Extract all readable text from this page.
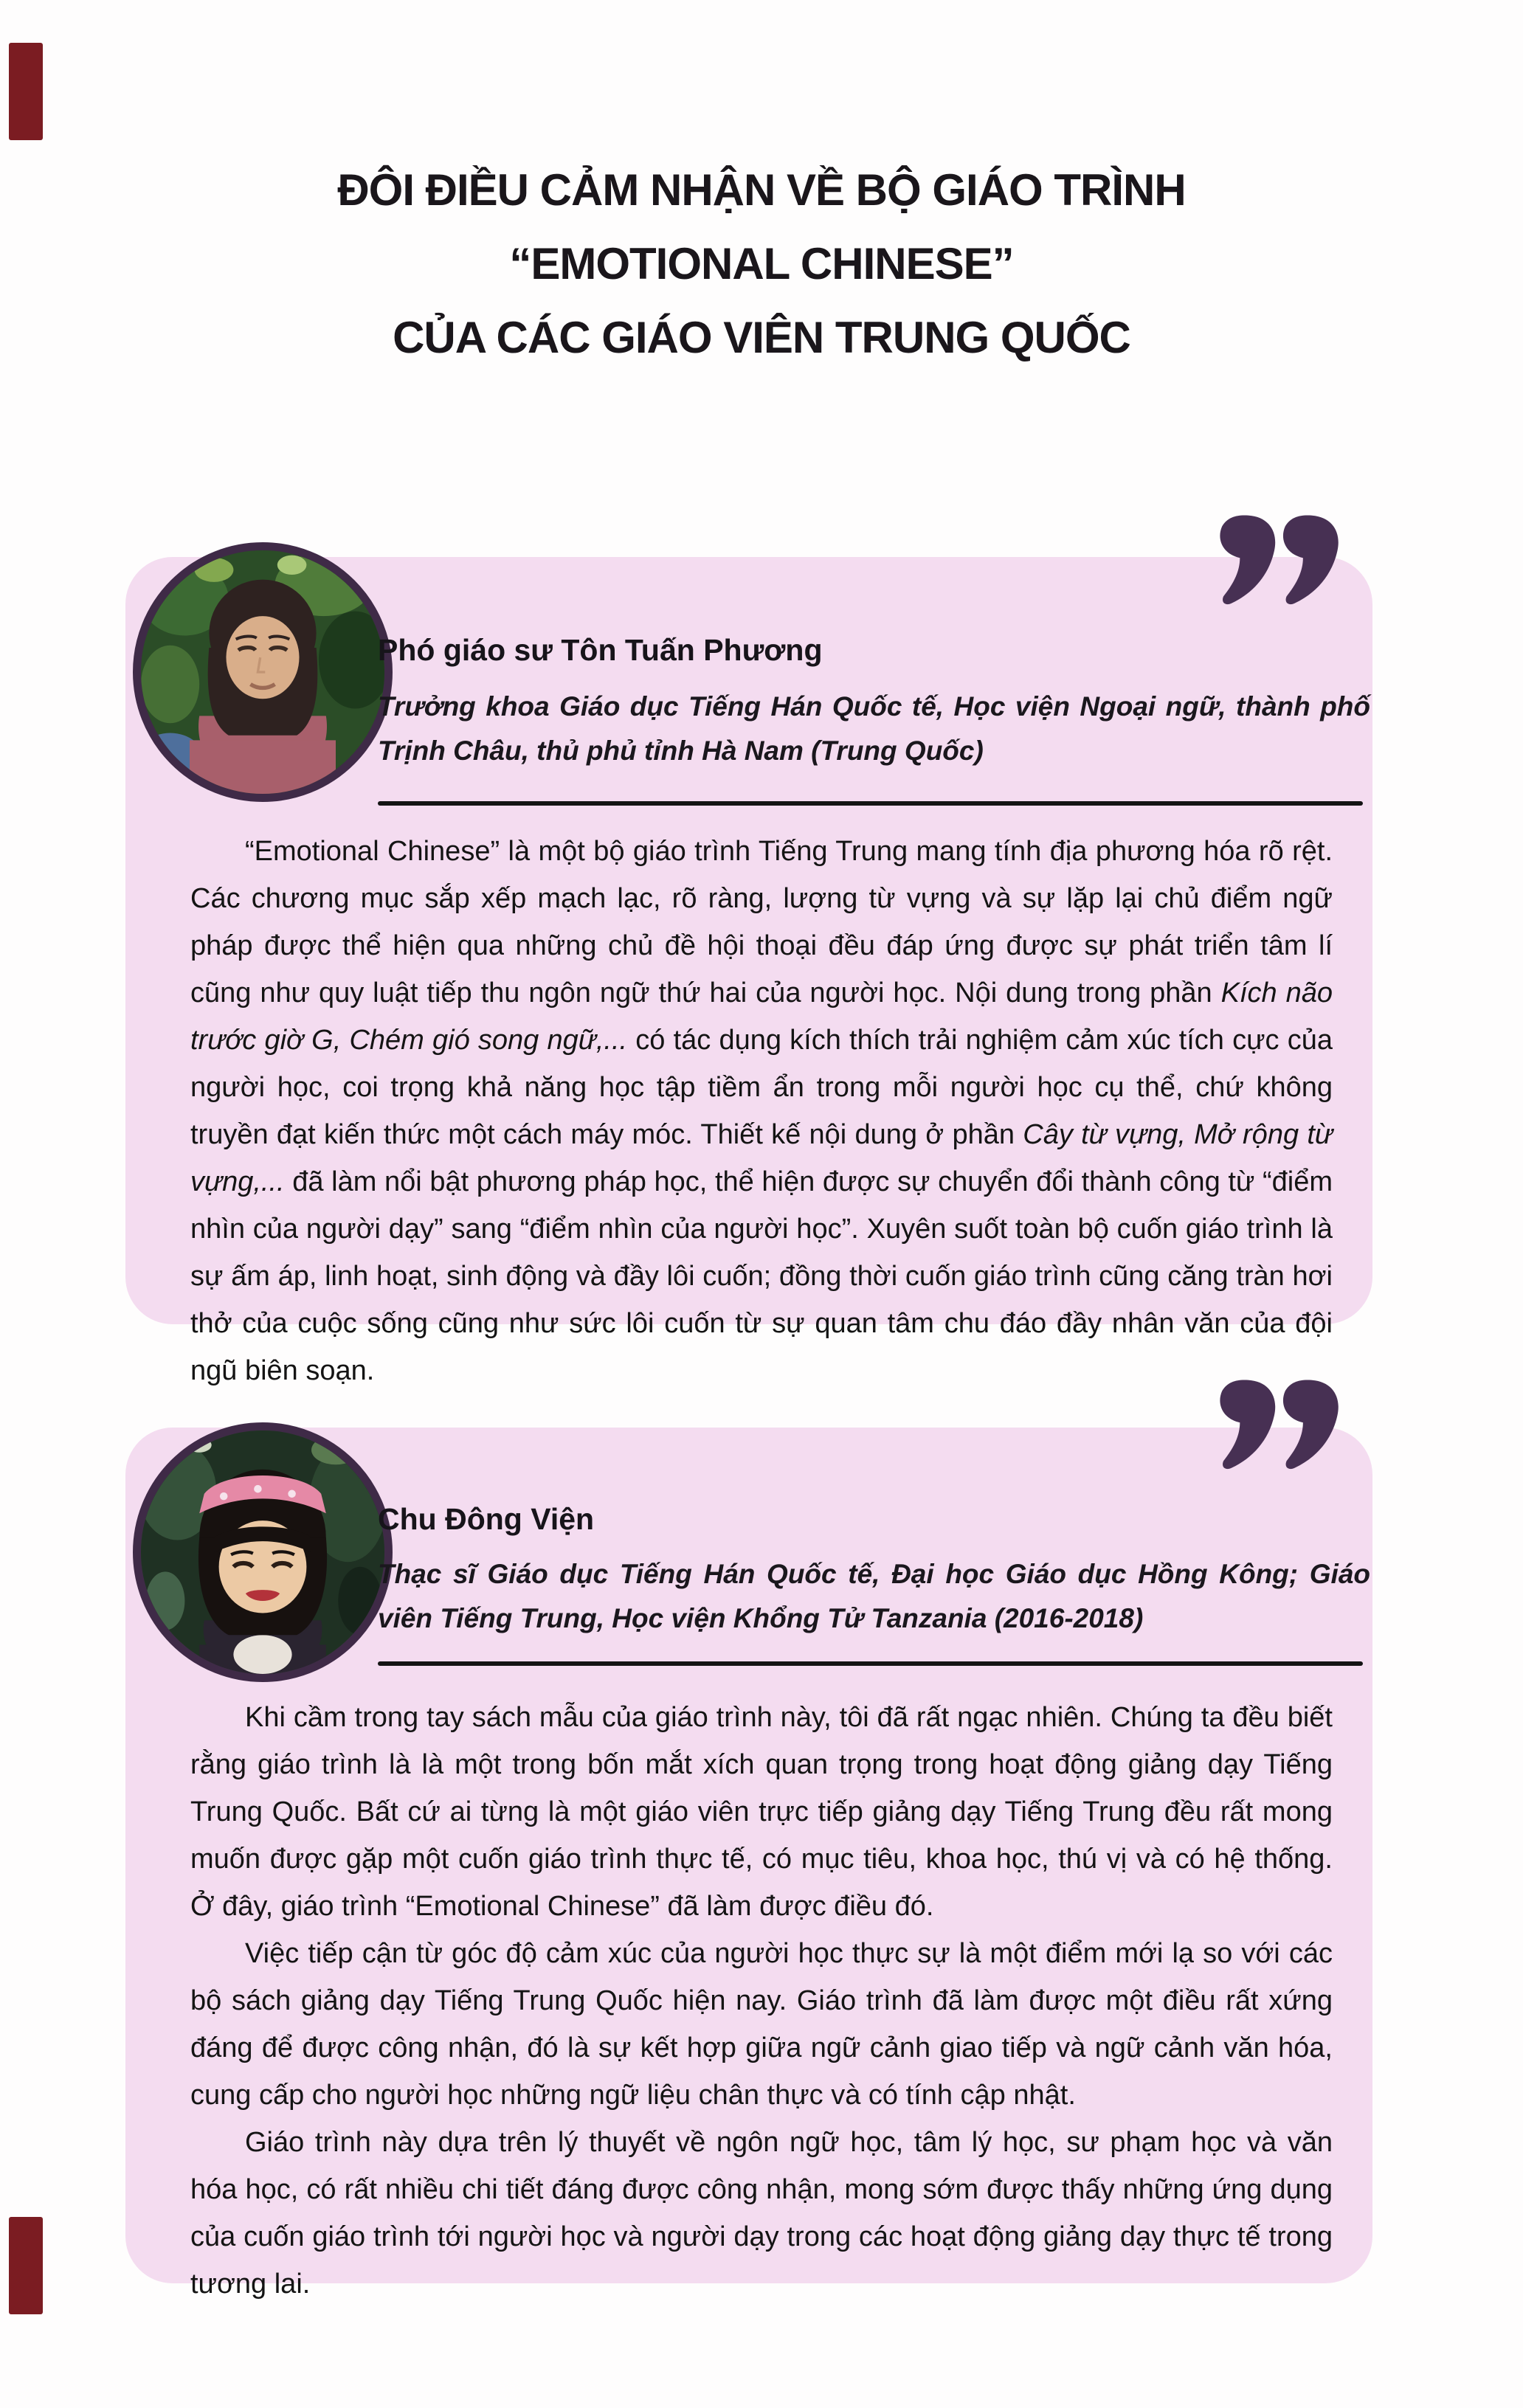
ĐÔI ĐIỀU CẢM NHẬN VỀ BỘ GIÁO TRÌNH
“EMOTIONAL CHINESE”
CỦA CÁC GIÁO VIÊN TRUNG QUỐC
Phó giáo sư Tôn Tuấn Phương
Trưởng khoa Giáo dục Tiếng Hán Quốc tế, Học viện Ngoại ngữ, thành phố Trịnh Châu, thủ phủ tỉnh Hà Nam (Trung Quốc)

“Emotional Chinese” là một bộ giáo trình Tiếng Trung mang tính địa phương hóa rõ rệt. Các chương mục sắp xếp mạch lạc, rõ ràng, lượng từ vựng và sự lặp lại chủ điểm ngữ pháp được thể hiện qua những chủ đề hội thoại đều đáp ứng được sự phát triển tâm lí cũng như quy luật tiếp thu ngôn ngữ thứ hai của người học. Nội dung trong phần Kích não trước giờ G, Chém gió song ngữ,... có tác dụng kích thích trải nghiệm cảm xúc tích cực của người học, coi trọng khả năng học tập tiềm ẩn trong mỗi người học cụ thể, chứ không truyền đạt kiến thức một cách máy móc. Thiết kế nội dung ở phần Cây từ vựng, Mở rộng từ vựng,... đã làm nổi bật phương pháp học, thể hiện được sự chuyển đổi thành công từ “điểm nhìn của người dạy” sang “điểm nhìn của người học”. Xuyên suốt toàn bộ cuốn giáo trình là sự ấm áp, linh hoạt, sinh động và đầy lôi cuốn; đồng thời cuốn giáo trình cũng căng tràn hơi thở của cuộc sống cũng như sức lôi cuốn từ sự quan tâm chu đáo đầy nhân văn của đội ngũ biên soạn.

Chu Đông Viện
Thạc sĩ Giáo dục Tiếng Hán Quốc tế, Đại học Giáo dục Hồng Kông; Giáo viên Tiếng Trung, Học viện Khổng Tử Tanzania (2016-2018)

Khi cầm trong tay sách mẫu của giáo trình này, tôi đã rất ngạc nhiên. Chúng ta đều biết rằng giáo trình là là một trong bốn mắt xích quan trọng trong hoạt động giảng dạy Tiếng Trung Quốc. Bất cứ ai từng là một giáo viên trực tiếp giảng dạy Tiếng Trung đều rất mong muốn được gặp một cuốn giáo trình thực tế, có mục tiêu, khoa học, thú vị và có hệ thống. Ở đây, giáo trình “Emotional Chinese” đã làm được điều đó.

Việc tiếp cận từ góc độ cảm xúc của người học thực sự là một điểm mới lạ so với các bộ sách giảng dạy Tiếng Trung Quốc hiện nay. Giáo trình đã làm được một điều rất xứng đáng để được công nhận, đó là sự kết hợp giữa ngữ cảnh giao tiếp và ngữ cảnh văn hóa, cung cấp cho người học những ngữ liệu chân thực và có tính cập nhật.

Giáo trình này dựa trên lý thuyết về ngôn ngữ học, tâm lý học, sư phạm học và văn hóa học, có rất nhiều chi tiết đáng được công nhận, mong sớm được thấy những ứng dụng của cuốn giáo trình tới người học và người dạy trong các hoạt động giảng dạy thực tế trong tương lai.
